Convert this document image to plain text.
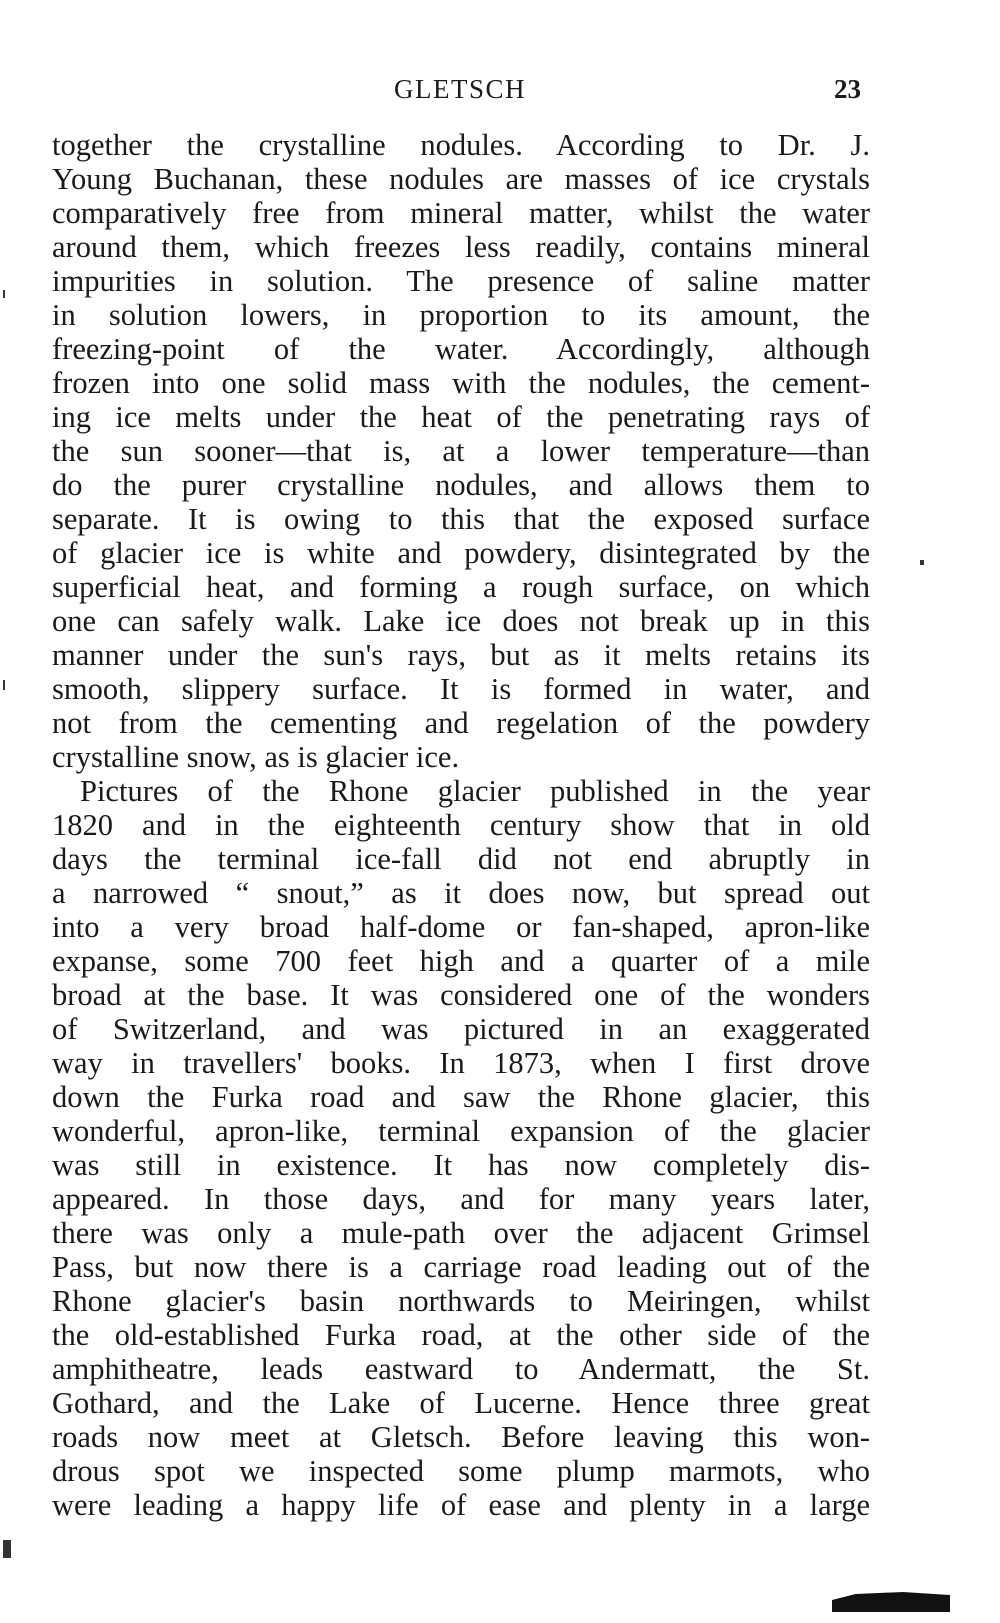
GLETSCH	23
together the crystalline nodules. According to Dr. J.
Young Buchanan, these nodules are masses of ice crystals
comparatively free from mineral matter, whilst the water
around them, which freezes less readily, contains mineral
impurities in solution. The presence of saline matter
in solution lowers, in proportion to its amount, the
freezing-point of the water. Accordingly, although
frozen into one solid mass with the nodules, the cement-
ing ice melts under the heat of the penetrating rays of
the sun sooner—that is, at a lower temperature—than
do the purer crystalline nodules, and allows them to
separate. It is owing to this that the exposed surface
of glacier ice is white and powdery, disintegrated by the
superficial heat, and forming a rough surface, on which
one can safely walk. Lake ice does not break up in this
manner under the sun's rays, but as it melts retains its
smooth, slippery surface. It is formed in water, and
not from the cementing and regelation of the powdery
crystalline snow, as is glacier ice.
Pictures of the Rhone glacier published in the year
1820 and in the eighteenth century show that in old
days the terminal ice-fall did not end abruptly in
a narrowed “ snout,” as it does now, but spread out
into a very broad half-dome or fan-shaped, apron-like
expanse, some 700 feet high and a quarter of a mile
broad at the base. It was considered one of the wonders
of Switzerland, and was pictured in an exaggerated
way in travellers' books. In 1873, when I first drove
down the Furka road and saw the Rhone glacier, this
wonderful, apron-like, terminal expansion of the glacier
was still in existence. It has now completely dis-
appeared. In those days, and for many years later,
there was only a mule-path over the adjacent Grimsel
Pass, but now there is a carriage road leading out of the
Rhone glacier's basin northwards to Meiringen, whilst
the old-established Furka road, at the other side of the
amphitheatre, leads eastward to Andermatt, the St.
Gothard, and the Lake of Lucerne. Hence three great
roads now meet at Gletsch. Before leaving this won-
drous spot we inspected some plump marmots, who
were leading a happy life of ease and plenty in a large
